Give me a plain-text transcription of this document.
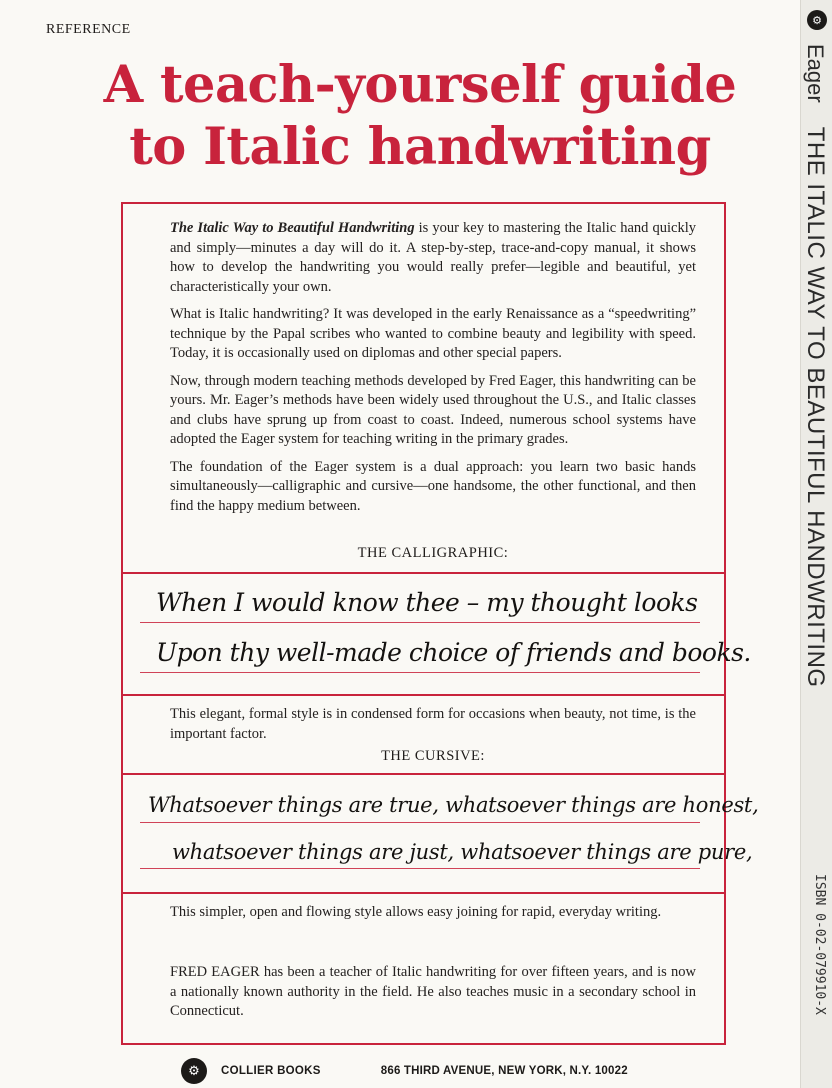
REFERENCE
A teach-yourself guide
to Italic handwriting

The Italic Way to Beautiful Handwriting is your key to mastering the Italic hand quickly and simply—minutes a day will do it. A step-by-step, trace-and-copy manual, it shows how to develop the handwriting you would really prefer—legible and beautiful, yet characteristically your own.

What is Italic handwriting? It was developed in the early Renaissance as a “speedwriting” technique by the Papal scribes who wanted to combine beauty and legibility with speed. Today, it is occasionally used on diplomas and other special papers.

Now, through modern teaching methods developed by Fred Eager, this handwriting can be yours. Mr. Eager’s methods have been widely used throughout the U.S., and Italic classes and clubs have sprung up from coast to coast. Indeed, numerous school systems have adopted the Eager system for teaching writing in the primary grades.

The foundation of the Eager system is a dual approach: you learn two basic hands simultaneously—calligraphic and cursive—one handsome, the other functional, and then find the happy medium between.

THE CALLIGRAPHIC:
When I would know thee – my thought looks
Upon thy well-made choice of friends and books.
This elegant, formal style is in condensed form for occasions when beauty, not time, is the important factor.
THE CURSIVE:
Whatsoever things are true, whatsoever things are honest,
whatsoever things are just, whatsoever things are pure,
This simpler, open and flowing style allows easy joining for rapid, everyday writing.
FRED EAGER has been a teacher of Italic handwriting for over fifteen years, and is now a nationally known authority in the field. He also teaches music in a secondary school in Connecticut.
⚙	COLLIER BOOKS	866 THIRD AVENUE, NEW YORK, N.Y. 10022
⚙
EagerTHE ITALIC WAY TO BEAUTIFUL HANDWRITING
ISBN 0-02-079910-X
